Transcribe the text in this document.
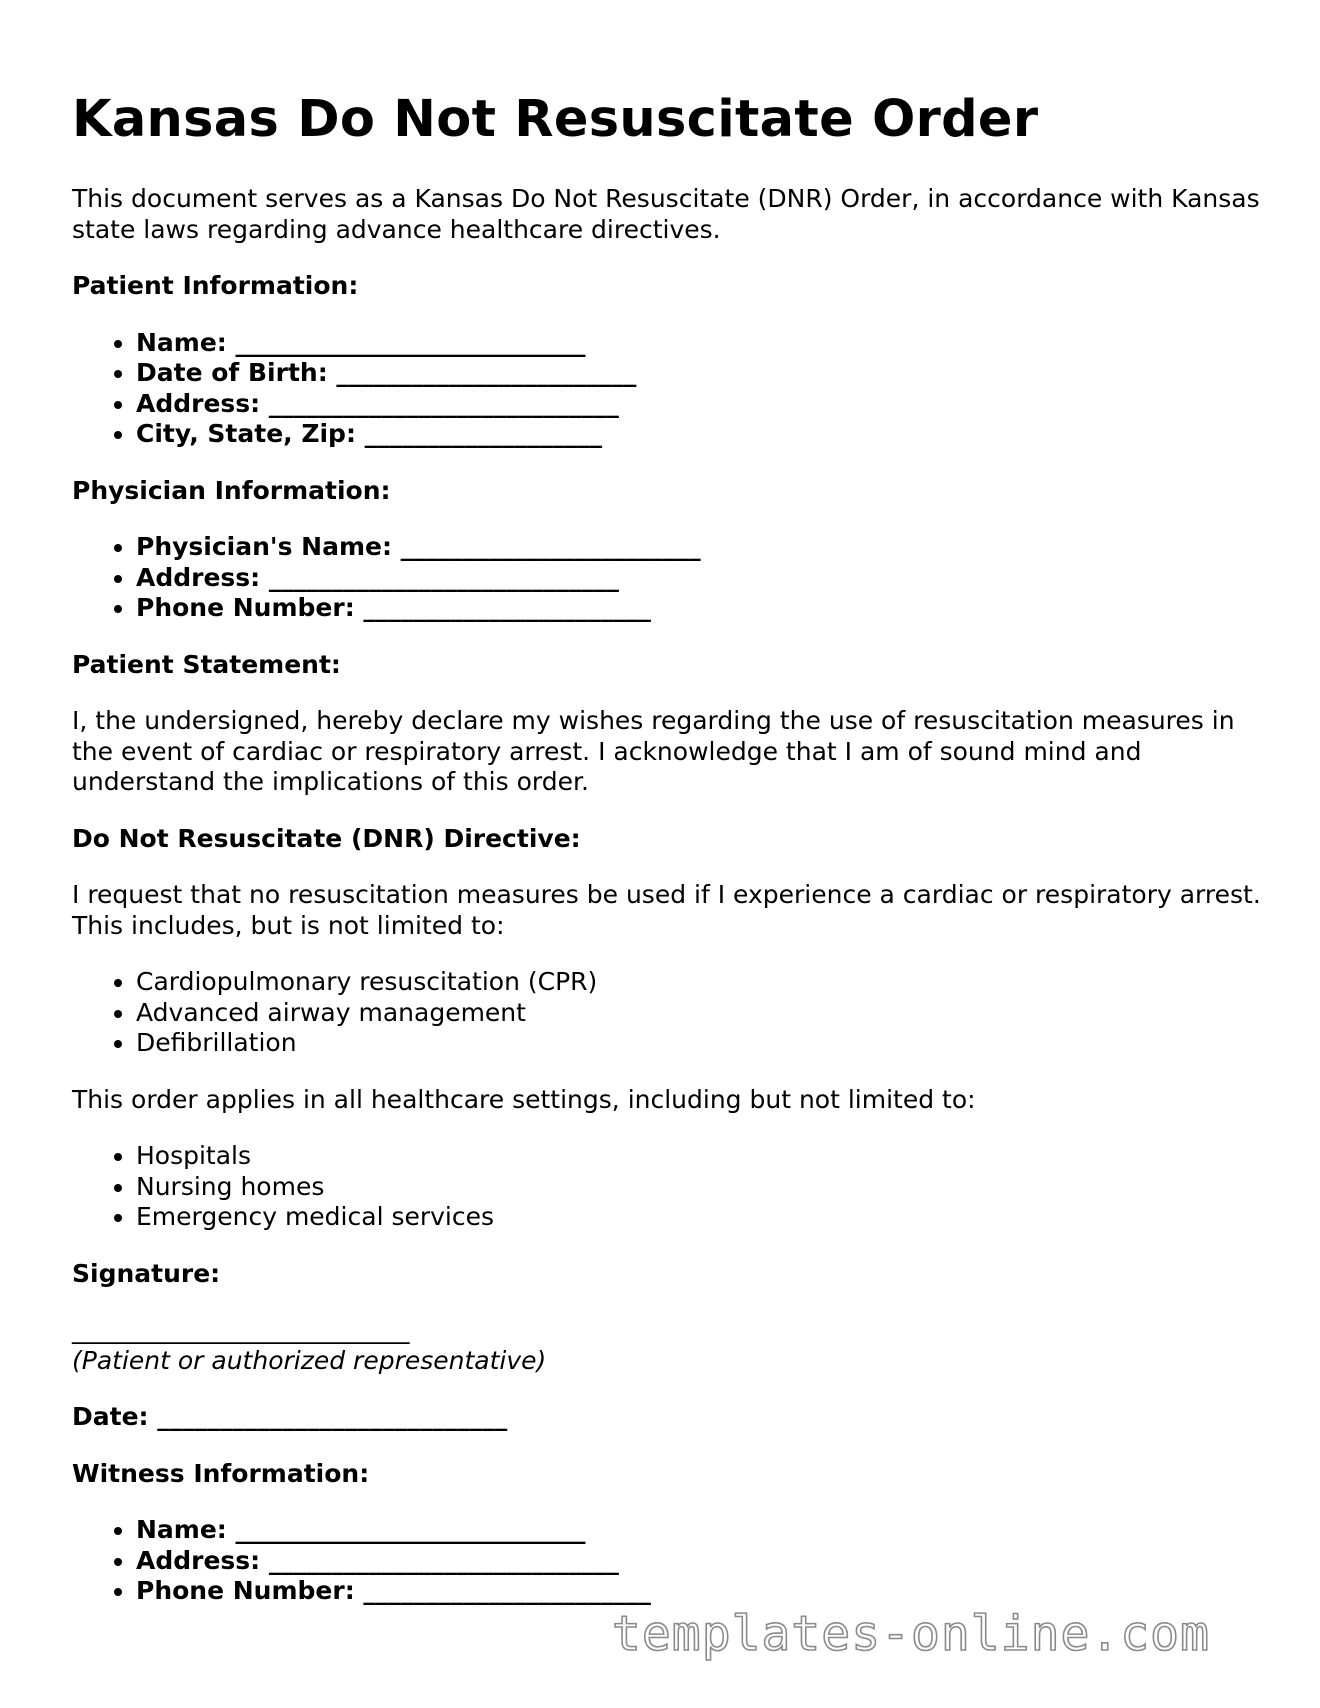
Kansas Do Not Resuscitate Order

This document serves as a Kansas Do Not Resuscitate (DNR) Order, in accordance with Kansas state laws regarding advance healthcare directives.

Patient Information:

• Name: ____________________________
• Date of Birth: ________________________
• Address: ____________________________
• City, State, Zip: ___________________

Physician Information:

• Physician's Name: ________________________
• Address: ____________________________
• Phone Number: _______________________

Patient Statement:

I, the undersigned, hereby declare my wishes regarding the use of resuscitation measures in the event of cardiac or respiratory arrest. I acknowledge that I am of sound mind and understand the implications of this order.

Do Not Resuscitate (DNR) Directive:

I request that no resuscitation measures be used if I experience a cardiac or respiratory arrest. This includes, but is not limited to:

• Cardiopulmonary resuscitation (CPR)
• Advanced airway management
• Defibrillation

This order applies in all healthcare settings, including but not limited to:

• Hospitals
• Nursing homes
• Emergency medical services

Signature:

___________________________

(Patient or authorized representative)

Date: ____________________________

Witness Information:

• Name: ____________________________
• Address: ____________________________
• Phone Number: _______________________
templates-online.com
